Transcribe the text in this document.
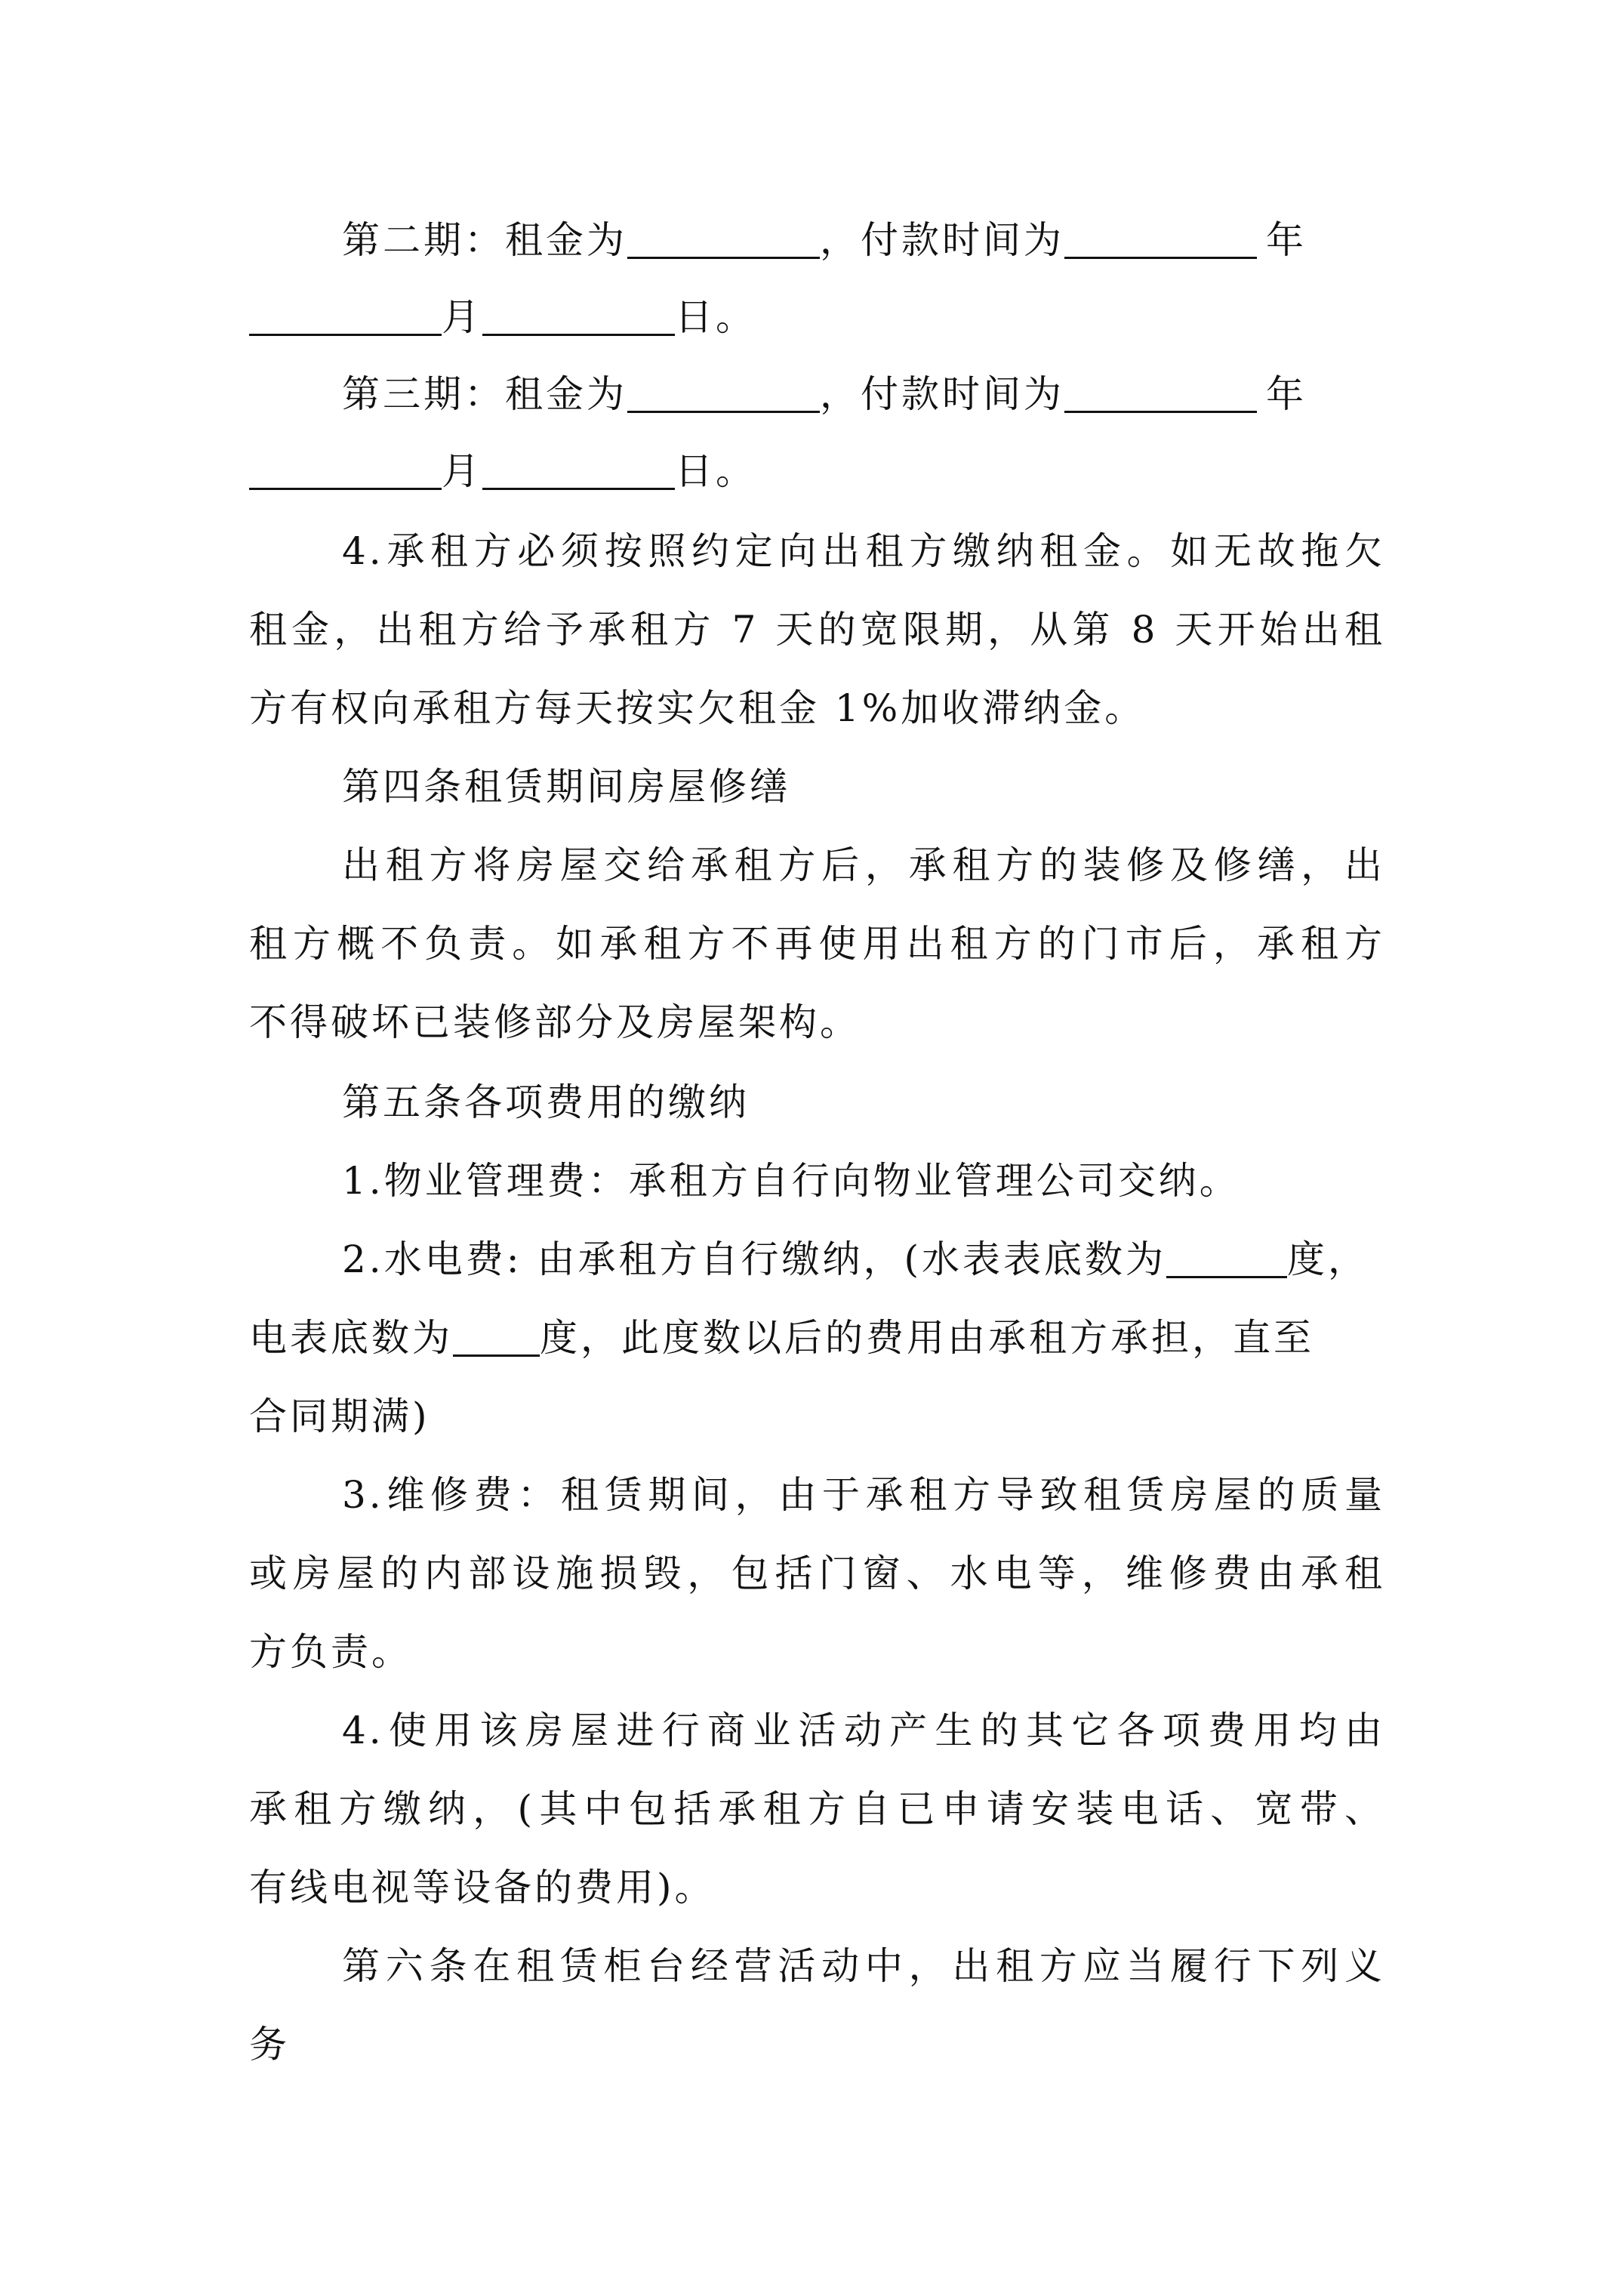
第二期：租金为	，付款时间为	年
月	日。
第三期：租金为	，付款时间为	年
月	日。
4.承租方必须按照约定向出租方缴纳租金。如无故拖欠
租金，出租方给予承租方 7 天的宽限期，从第 8 天开始出租
方有权向承租方每天按实欠租金 1%加收滞纳金。
第四条租赁期间房屋修缮
出租方将房屋交给承租方后，承租方的装修及修缮，出
租方概不负责。如承租方不再使用出租方的门市后，承租方
不得破坏已装修部分及房屋架构。
第五条各项费用的缴纳
1.物业管理费：承租方自行向物业管理公司交纳。
2.水电费: 由承租方自行缴纳，(水表表底数为	度，
电表底数为 度，此度数以后的费用由承租方承担，直至
合同期满)
3.维修费：租赁期间，由于承租方导致租赁房屋的质量
或房屋的内部设施损毁，包括门窗、水电等，维修费由承租
方负责。
4.使用该房屋进行商业活动产生的其它各项费用均由
承租方缴纳，(其中包括承租方自已申请安装电话、宽带、
有线电视等设备的费用)。
第六条在租赁柜台经营活动中，出租方应当履行下列义
务
